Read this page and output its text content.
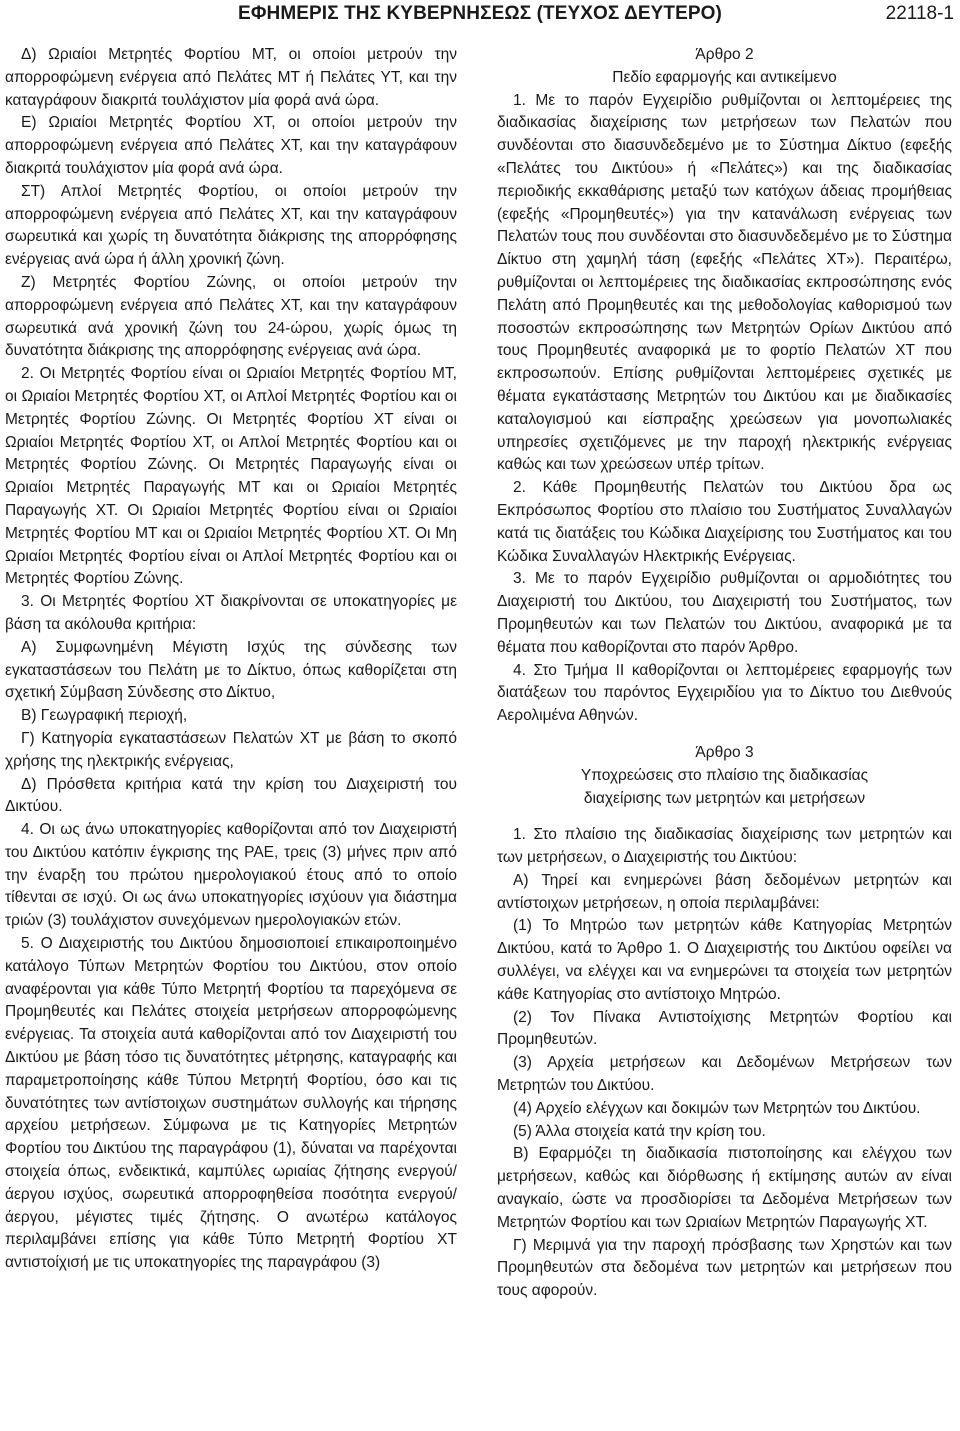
ΕΦΗΜΕΡΙΣ ΤΗΣ ΚΥΒΕΡΝΗΣΕΩΣ (ΤΕΥΧΟΣ ΔΕΥΤΕΡΟ)	22118-1

Δ) Ωριαίοι Μετρητές Φορτίου ΜΤ, οι οποίοι μετρούν την απορροφώμενη ενέργεια από Πελάτες ΜΤ ή Πελάτες ΥΤ, και την καταγράφουν διακριτά τουλάχιστον μία φορά ανά ώρα.

Ε) Ωριαίοι Μετρητές Φορτίου ΧΤ, οι οποίοι μετρούν την απορροφώμενη ενέργεια από Πελάτες ΧΤ, και την καταγράφουν διακριτά τουλάχιστον μία φορά ανά ώρα.

ΣΤ) Απλοί Μετρητές Φορτίου, οι οποίοι μετρούν την απορροφώμενη ενέργεια από Πελάτες ΧΤ, και την καταγράφουν σωρευτικά και χωρίς τη δυνατότητα διάκρισης της απορρόφησης ενέργειας ανά ώρα ή άλλη χρονική ζώνη.

Ζ) Μετρητές Φορτίου Ζώνης, οι οποίοι μετρούν την απορροφώμενη ενέργεια από Πελάτες ΧΤ, και την καταγράφουν σωρευτικά ανά χρονική ζώνη του 24-ώρου, χωρίς όμως τη δυνατότητα διάκρισης της απορρόφησης ενέργειας ανά ώρα.

2. Οι Μετρητές Φορτίου είναι οι Ωριαίοι Μετρητές Φορτίου ΜΤ, οι Ωριαίοι Μετρητές Φορτίου ΧΤ, οι Απλοί Μετρητές Φορτίου και οι Μετρητές Φορτίου Ζώνης. Οι Μετρητές Φορτίου ΧΤ είναι οι Ωριαίοι Μετρητές Φορτίου ΧΤ, οι Απλοί Μετρητές Φορτίου και οι Μετρητές Φορτίου Ζώνης. Οι Μετρητές Παραγωγής είναι οι Ωριαίοι Μετρητές Παραγωγής ΜΤ και οι Ωριαίοι Μετρητές Παραγωγής ΧΤ. Οι Ωριαίοι Μετρητές Φορτίου είναι οι Ωριαίοι Μετρητές Φορτίου ΜΤ και οι Ωριαίοι Μετρητές Φορτίου ΧΤ. Οι Μη Ωριαίοι Μετρητές Φορτίου είναι οι Απλοί Μετρητές Φορτίου και οι Μετρητές Φορτίου Ζώνης.

3. Οι Μετρητές Φορτίου ΧΤ διακρίνονται σε υποκατηγορίες με βάση τα ακόλουθα κριτήρια:

Α) Συμφωνημένη Μέγιστη Ισχύς της σύνδεσης των εγκαταστάσεων του Πελάτη με το Δίκτυο, όπως καθορίζεται στη σχετική Σύμβαση Σύνδεσης στο Δίκτυο,

Β) Γεωγραφική περιοχή,

Γ) Κατηγορία εγκαταστάσεων Πελατών ΧΤ με βάση το σκοπό χρήσης της ηλεκτρικής ενέργειας,

Δ) Πρόσθετα κριτήρια κατά την κρίση του Διαχειριστή του Δικτύου.

4. Οι ως άνω υποκατηγορίες καθορίζονται από τον Διαχειριστή του Δικτύου κατόπιν έγκρισης της ΡΑΕ, τρεις (3) μήνες πριν από την έναρξη του πρώτου ημερολογιακού έτους από το οποίο τίθενται σε ισχύ. Οι ως άνω υποκατηγορίες ισχύουν για διάστημα τριών (3) τουλάχιστον συνεχόμενων ημερολογιακών ετών.

5. Ο Διαχειριστής του Δικτύου δημοσιοποιεί επικαιροποιημένο κατάλογο Τύπων Μετρητών Φορτίου του Δικτύου, στον οποίο αναφέρονται για κάθε Τύπο Μετρητή Φορτίου τα παρεχόμενα σε Προμηθευτές και Πελάτες στοιχεία μετρήσεων απορροφώμενης ενέργειας. Τα στοιχεία αυτά καθορίζονται από τον Διαχειριστή του Δικτύου με βάση τόσο τις δυνατότητες μέτρησης, καταγραφής και παραμετροποίησης κάθε Τύπου Μετρητή Φορτίου, όσο και τις δυνατότητες των αντίστοιχων συστημάτων συλλογής και τήρησης αρχείου μετρήσεων. Σύμφωνα με τις Κατηγορίες Μετρητών Φορτίου του Δικτύου της παραγράφου (1), δύναται να παρέχονται στοιχεία όπως, ενδεικτικά, καμπύλες ωριαίας ζήτησης ενεργού/άεργου ισχύος, σωρευτικά απορροφηθείσα ποσότητα ενεργού/άεργου, μέγιστες τιμές ζήτησης. Ο ανωτέρω κατάλογος περιλαμβάνει επίσης για κάθε Τύπο Μετρητή Φορτίου ΧΤ αντιστοίχισή με τις υποκατηγορίες της παραγράφου (3)

Άρθρο 2

Πεδίο εφαρμογής και αντικείμενο

1. Με το παρόν Εγχειρίδιο ρυθμίζονται οι λεπτομέρειες της διαδικασίας διαχείρισης των μετρήσεων των Πελατών που συνδέονται στο διασυνδεδεμένο με το Σύστημα Δίκτυο (εφεξής «Πελάτες του Δικτύου» ή «Πελάτες») και της διαδικασίας περιοδικής εκκαθάρισης μεταξύ των κατόχων άδειας προμήθειας (εφεξής «Προμηθευτές») για την κατανάλωση ενέργειας των Πελατών τους που συνδέονται στο διασυνδεδεμένο με το Σύστημα Δίκτυο στη χαμηλή τάση (εφεξής «Πελάτες ΧΤ»). Περαιτέρω, ρυθμίζονται οι λεπτομέρειες της διαδικασίας εκπροσώπησης ενός Πελάτη από Προμηθευτές και της μεθοδολογίας καθορισμού των ποσοστών εκπροσώπησης των Μετρητών Ορίων Δικτύου από τους Προμηθευτές αναφορικά με το φορτίο Πελατών ΧΤ που εκπροσωπούν. Επίσης ρυθμίζονται λεπτομέρειες σχετικές με θέματα εγκατάστασης Μετρητών του Δικτύου και με διαδικασίες καταλογισμού και είσπραξης χρεώσεων για μονοπωλιακές υπηρεσίες σχετιζόμενες με την παροχή ηλεκτρικής ενέργειας καθώς και των χρεώσεων υπέρ τρίτων.

2. Κάθε Προμηθευτής Πελατών του Δικτύου δρα ως Εκπρόσωπος Φορτίου στο πλαίσιο του Συστήματος Συναλλαγών κατά τις διατάξεις του Κώδικα Διαχείρισης του Συστήματος και του Κώδικα Συναλλαγών Ηλεκτρικής Ενέργειας.

3. Με το παρόν Εγχειρίδιο ρυθμίζονται οι αρμοδιότητες του Διαχειριστή του Δικτύου, του Διαχειριστή του Συστήματος, των Προμηθευτών και των Πελατών του Δικτύου, αναφορικά με τα θέματα που καθορίζονται στο παρόν Άρθρο.

4. Στο Τμήμα ΙΙ καθορίζονται οι λεπτομέρειες εφαρμογής των διατάξεων του παρόντος Εγχειριδίου για το Δίκτυο του Διεθνούς Αερολιμένα Αθηνών.

Άρθρο 3

Υποχρεώσεις στο πλαίσιο της διαδικασίας

διαχείρισης των μετρητών και μετρήσεων

1. Στο πλαίσιο της διαδικασίας διαχείρισης των μετρητών και των μετρήσεων, ο Διαχειριστής του Δικτύου:

Α) Τηρεί και ενημερώνει βάση δεδομένων μετρητών και αντίστοιχων μετρήσεων, η οποία περιλαμβάνει:

(1) Το Μητρώο των μετρητών κάθε Κατηγορίας Μετρητών Δικτύου, κατά το Άρθρο 1. Ο Διαχειριστής του Δικτύου οφείλει να συλλέγει, να ελέγχει και να ενημερώνει τα στοιχεία των μετρητών κάθε Κατηγορίας στο αντίστοιχο Μητρώο.

(2) Τον Πίνακα Αντιστοίχισης Μετρητών Φορτίου και Προμηθευτών.

(3) Αρχεία μετρήσεων και Δεδομένων Μετρήσεων των Μετρητών του Δικτύου.

(4) Αρχείο ελέγχων και δοκιμών των Μετρητών του Δικτύου.

(5) Άλλα στοιχεία κατά την κρίση του.

Β) Εφαρμόζει τη διαδικασία πιστοποίησης και ελέγχου των μετρήσεων, καθώς και διόρθωσης ή εκτίμησης αυτών αν είναι αναγκαίο, ώστε να προσδιορίσει τα Δεδομένα Μετρήσεων των Μετρητών Φορτίου και των Ωριαίων Μετρητών Παραγωγής ΧΤ.

Γ) Μεριμνά για την παροχή πρόσβασης των Χρηστών και των Προμηθευτών στα δεδομένα των μετρητών και μετρήσεων που τους αφορούν.
